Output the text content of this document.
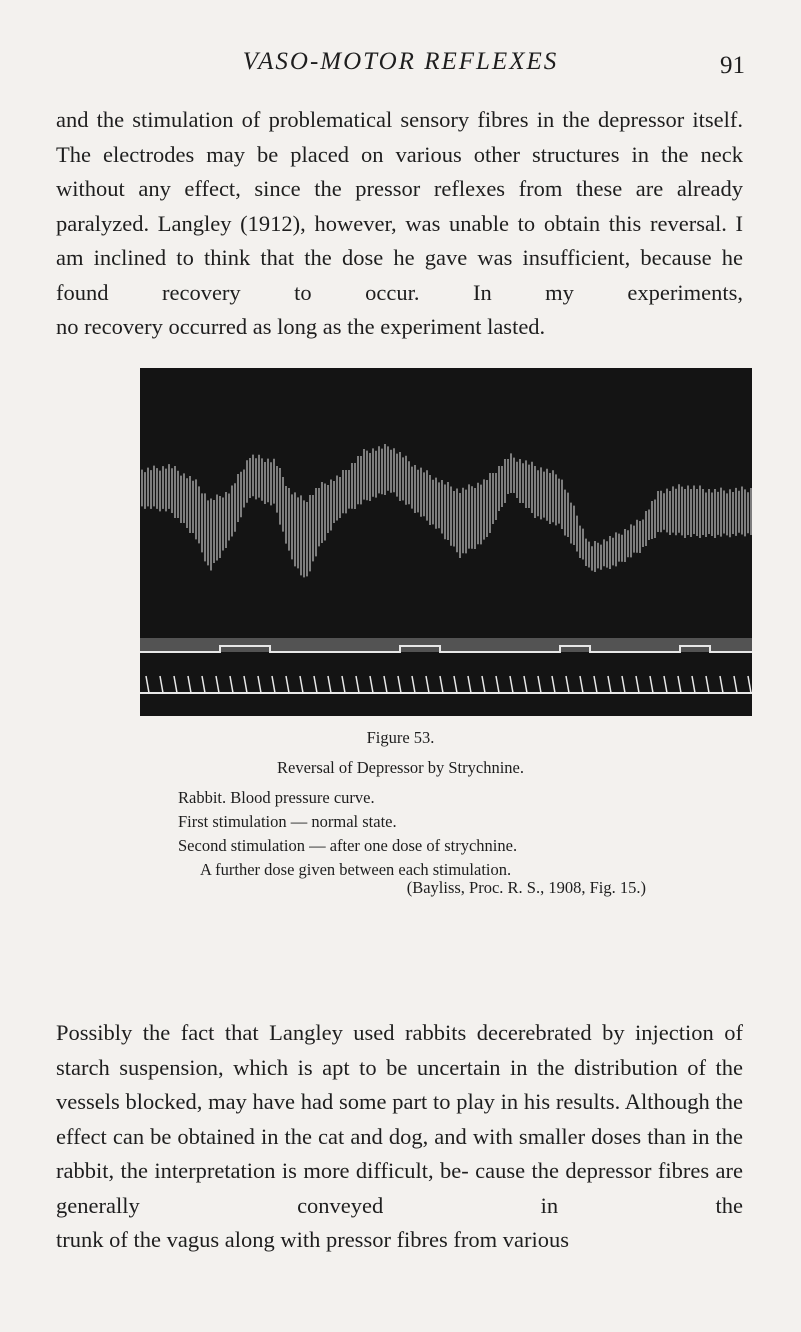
VASO-MOTOR REFLEXES	91

and the stimulation of problematical sensory fibres in the depressor itself. The electrodes may be placed on various other structures in the neck without any effect, since the pressor reflexes from these are already paralyzed. Langley (1912), however, was unable to obtain this reversal. I am inclined to think that the dose he gave was insufficient, because he found recovery to occur. In my experiments,
no recovery occurred as long as the experiment lasted.

Figure 53.
Reversal of Depressor by Strychnine.
Rabbit. Blood pressure curve.
First stimulation — normal state.
Second stimulation — after one dose of strychnine.
A further dose given between each stimulation.
(Bayliss, Proc. R. S., 1908, Fig. 15.)

Possibly the fact that Langley used rabbits decerebrated by injection of starch suspension, which is apt to be uncertain in the distribution of the vessels blocked, may have had some part to play in his results. Although the effect can be obtained in the cat and dog, and with smaller doses than in the rabbit, the interpretation is more difficult, be- cause the depressor fibres are generally conveyed in the
trunk of the vagus along with pressor fibres from various
